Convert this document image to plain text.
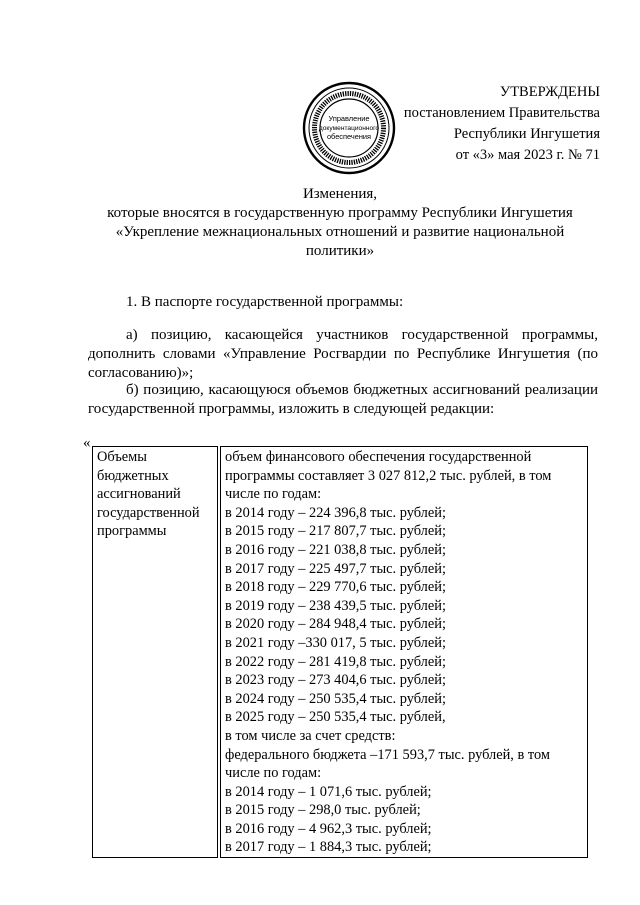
Управление
документационного
обеспечения
УТВЕРЖДЕНЫ
постановлением Правительства
Республики Ингушетия
от «3» мая 2023 г. № 71
Изменения,
которые вносятся в государственную программу Республики Ингушетия
«Укрепление межнациональных отношений и развитие национальной
политики»
1. В паспорте государственной программы:
а) позицию, касающейся участников государственной программы, дополнить словами «Управление Росгвардии по Республике Ингушетия (по согласованию)»;
б) позицию, касающуюся объемов бюджетных ассигнований реализации государственной программы, изложить в следующей редакции:
«
Объемы
бюджетных
ассигнований
государственной
программы

объем финансового обеспечения государственной
программы составляет 3 027 812,2 тыс. рублей, в том
числе по годам:
в 2014 году – 224 396,8 тыс. рублей;
в 2015 году – 217 807,7 тыс. рублей;
в 2016 году – 221 038,8 тыс. рублей;
в 2017 году – 225 497,7 тыс. рублей;
в 2018 году – 229 770,6 тыс. рублей;
в 2019 году – 238 439,5 тыс. рублей;
в 2020 году – 284 948,4 тыс. рублей;
в 2021 году –330 017, 5 тыс. рублей;
в 2022 году – 281 419,8 тыс. рублей;
в 2023 году – 273 404,6 тыс. рублей;
в 2024 году – 250 535,4 тыс. рублей;
в 2025 году – 250 535,4 тыс. рублей,
в том числе за счет средств:
федерального бюджета –171 593,7 тыс. рублей, в том
числе по годам:
в 2014 году – 1 071,6 тыс. рублей;
в 2015 году – 298,0 тыс. рублей;
в 2016 году – 4 962,3 тыс. рублей;
в 2017 году – 1 884,3 тыс. рублей;
